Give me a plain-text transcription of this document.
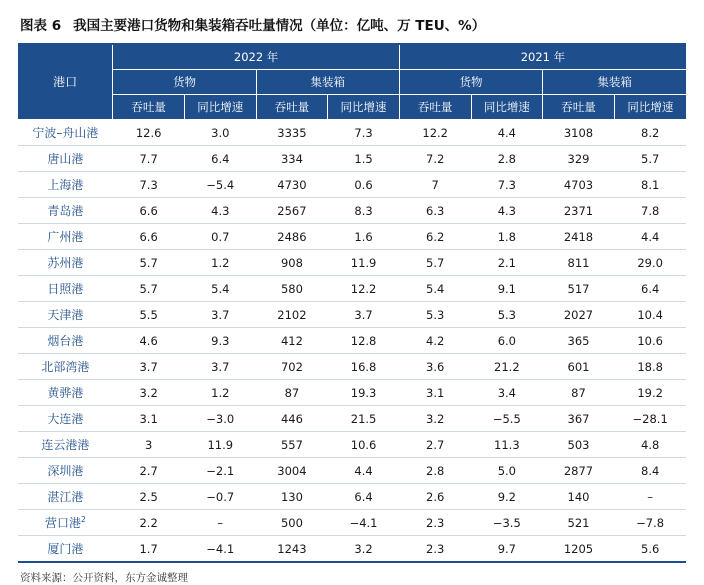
图表 6 我国主要港口货物和集装箱吞吐量情况（单位：亿吨、万 TEU、%）
港口	2022 年				2021 年			
	货物		集装箱		货物		集装箱	
	吞吐量	同比增速	吞吐量	同比增速	吞吐量	同比增速	吞吐量	同比增速
宁波–舟山港	12.6	3.0	3335	7.3	12.2	4.4	3108	8.2
唐山港	7.7	6.4	334	1.5	7.2	2.8	329	5.7
上海港	7.3	−5.4	4730	0.6	7	7.3	4703	8.1
青岛港	6.6	4.3	2567	8.3	6.3	4.3	2371	7.8
广州港	6.6	0.7	2486	1.6	6.2	1.8	2418	4.4
苏州港	5.7	1.2	908	11.9	5.7	2.1	811	29.0
日照港	5.7	5.4	580	12.2	5.4	9.1	517	6.4
天津港	5.5	3.7	2102	3.7	5.3	5.3	2027	10.4
烟台港	4.6	9.3	412	12.8	4.2	6.0	365	10.6
北部湾港	3.7	3.7	702	16.8	3.6	21.2	601	18.8
黄骅港	3.2	1.2	87	19.3	3.1	3.4	87	19.2
大连港	3.1	−3.0	446	21.5	3.2	−5.5	367	−28.1
连云港港	3	11.9	557	10.6	2.7	11.3	503	4.8
深圳港	2.7	−2.1	3004	4.4	2.8	5.0	2877	8.4
湛江港	2.5	−0.7	130	6.4	2.6	9.2	140	–
营口港$^2$	2.2	–	500	−4.1	2.3	−3.5	521	−7.8
厦门港	1.7	−4.1	1243	3.2	2.3	9.7	1205	5.6
资料来源：公开资料，东方金诚整理
